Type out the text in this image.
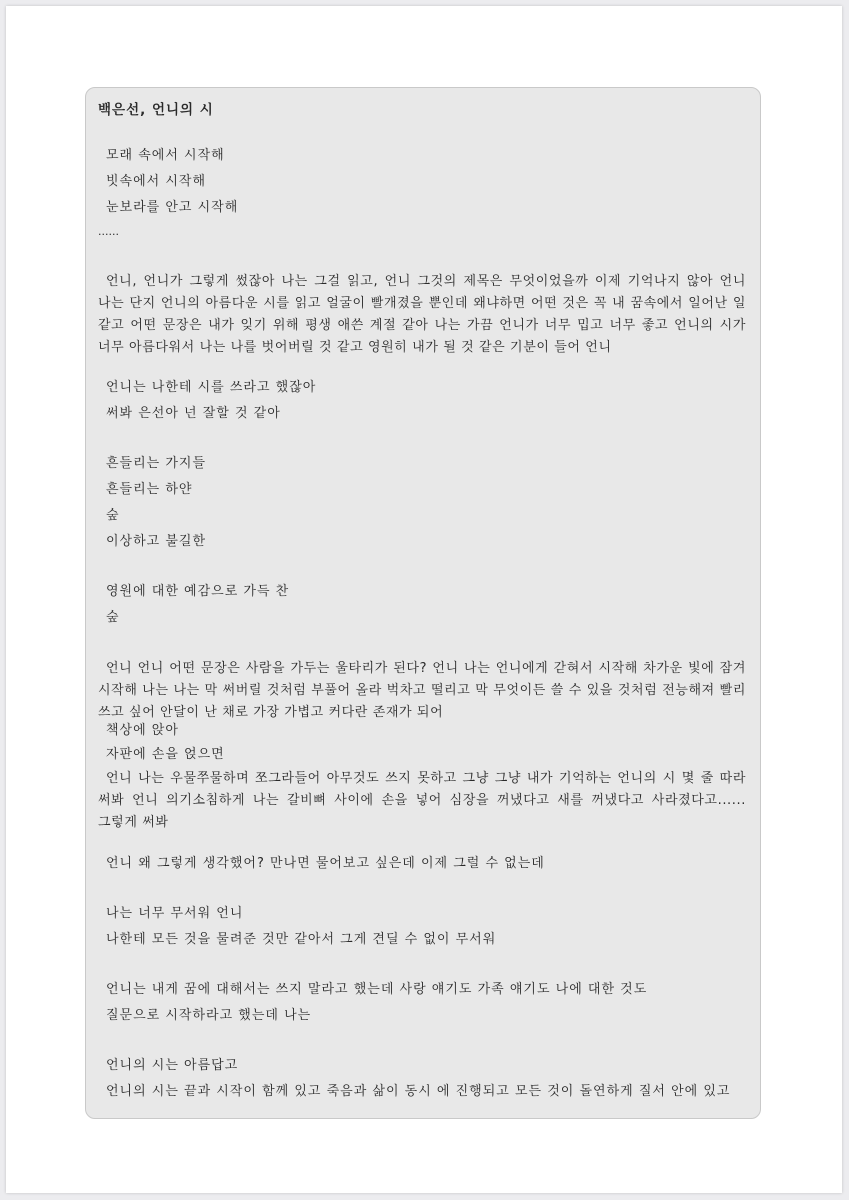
백은선, 언니의 시
모래 속에서 시작해
빗속에서 시작해
눈보라를 안고 시작해
......
언니, 언니가 그렇게 썼잖아 나는 그걸 읽고, 언니 그것의 제목은 무엇이었을까 이제 기억나지 않아 언니 나는 단지 언니의 아름다운 시를 읽고 얼굴이 빨개졌을 뿐인데 왜냐하면 어떤 것은 꼭 내 꿈속에서 일어난 일 같고 어떤 문장은 내가 잊기 위해 평생 애쓴 계절 같아 나는 가끔 언니가 너무 밉고 너무 좋고 언니의 시가 너무 아름다워서 나는 나를 벗어버릴 것 같고 영원히 내가 될 것 같은 기분이 들어 언니
언니는 나한테 시를 쓰라고 했잖아
써봐 은선아 넌 잘할 것 같아
흔들리는 가지들
흔들리는 하얀
숲
이상하고 불길한
영원에 대한 예감으로 가득 찬
숲
언니 언니 어떤 문장은 사람을 가두는 울타리가 된다? 언니 나는 언니에게 갇혀서 시작해 차가운 빛에 잠겨 시작해 나는 나는 막 써버릴 것처럼 부풀어 올라 벅차고 떨리고 막 무엇이든 쓸 수 있을 것처럼 전능해져 빨리 쓰고 싶어 안달이 난 채로 가장 가볍고 커다란 존재가 되어
책상에 앉아
자판에 손을 얹으면
언니 나는 우물쭈물하며 쪼그라들어 아무것도 쓰지 못하고 그냥 그냥 내가 기억하는 언니의 시 몇 줄 따라 써봐 언니 의기소침하게 나는 갈비뼈 사이에 손을 넣어 심장을 꺼냈다고 새를 꺼냈다고 사라졌다고...... 그렇게 써봐
언니 왜 그렇게 생각했어? 만나면 물어보고 싶은데 이제 그럴 수 없는데
나는 너무 무서워 언니
나한테 모든 것을 물려준 것만 같아서 그게 견딜 수 없이 무서워
언니는 내게 꿈에 대해서는 쓰지 말라고 했는데 사랑 얘기도 가족 얘기도 나에 대한 것도
질문으로 시작하라고 했는데 나는
언니의 시는 아름답고
언니의 시는 끝과 시작이 함께 있고 죽음과 삶이 동시 에 진행되고 모든 것이 돌연하게 질서 안에 있고
